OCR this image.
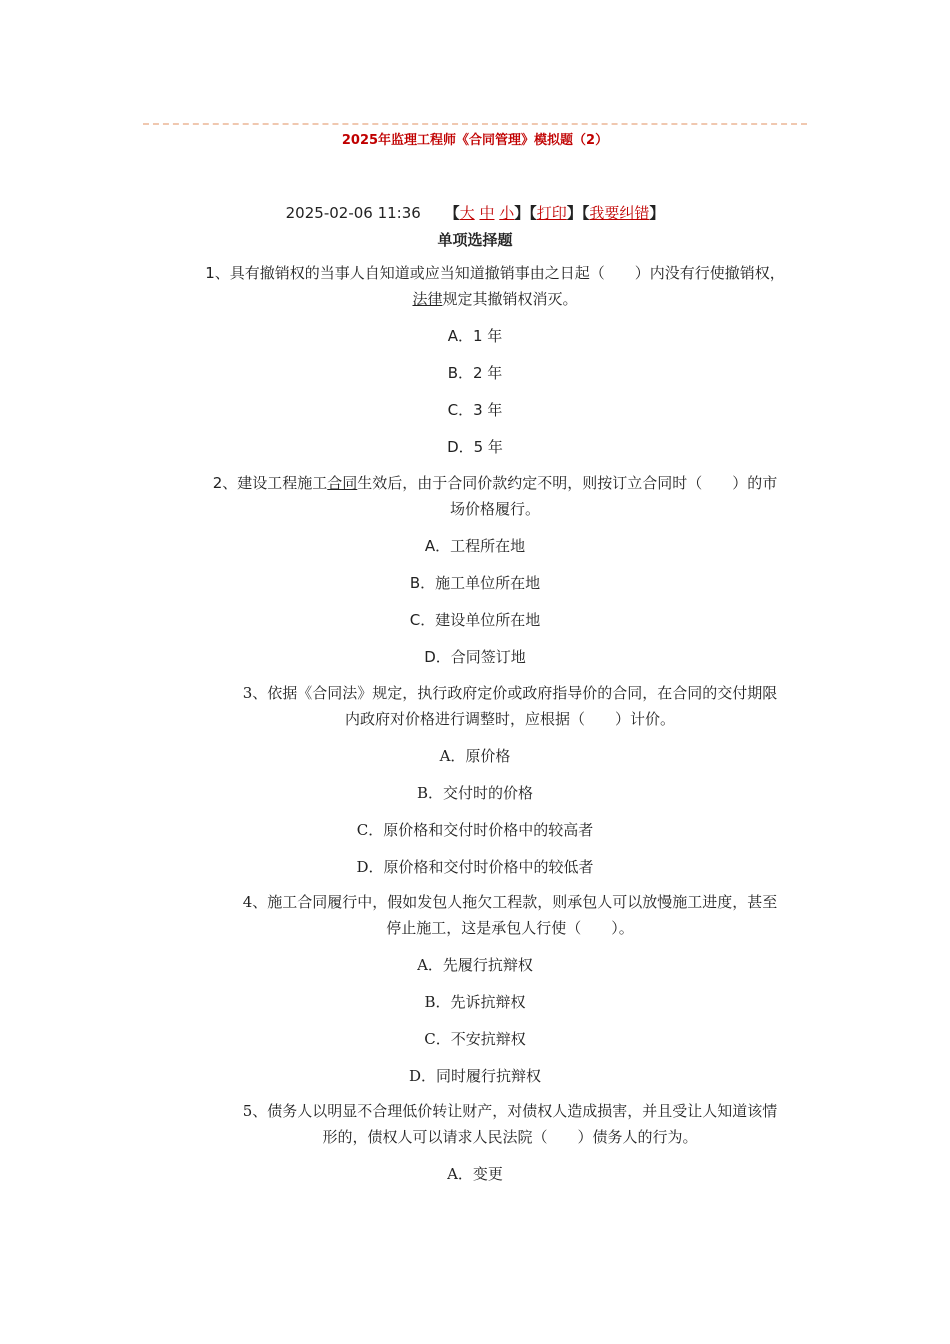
2025年监理工程师《合同管理》模拟题（2）
2025-02-06 11:36 【大 中 小】【打印】【我要纠错】
单项选择题
1、具有撤销权的当事人自知道或应当知道撤销事由之日起（　　）内没有行使撤销权，
法律规定其撤销权消灭。
A．1 年
B．2 年
C．3 年
D．5 年
2、建设工程施工合同生效后，由于合同价款约定不明，则按订立合同时（　　）的市
场价格履行。
A．工程所在地
B．施工单位所在地
C．建设单位所在地
D．合同签订地
3、依据《合同法》规定，执行政府定价或政府指导价的合同，在合同的交付期限
内政府对价格进行调整时，应根据（　　）计价。
A．原价格
B．交付时的价格
C．原价格和交付时价格中的较高者
D．原价格和交付时价格中的较低者
4、施工合同履行中，假如发包人拖欠工程款，则承包人可以放慢施工进度，甚至
停止施工，这是承包人行使（　　）。
A．先履行抗辩权
B．先诉抗辩权
C．不安抗辩权
D．同时履行抗辩权
5、债务人以明显不合理低价转让财产，对债权人造成损害，并且受让人知道该情
形的，债权人可以请求人民法院（　　）债务人的行为。
A．变更
